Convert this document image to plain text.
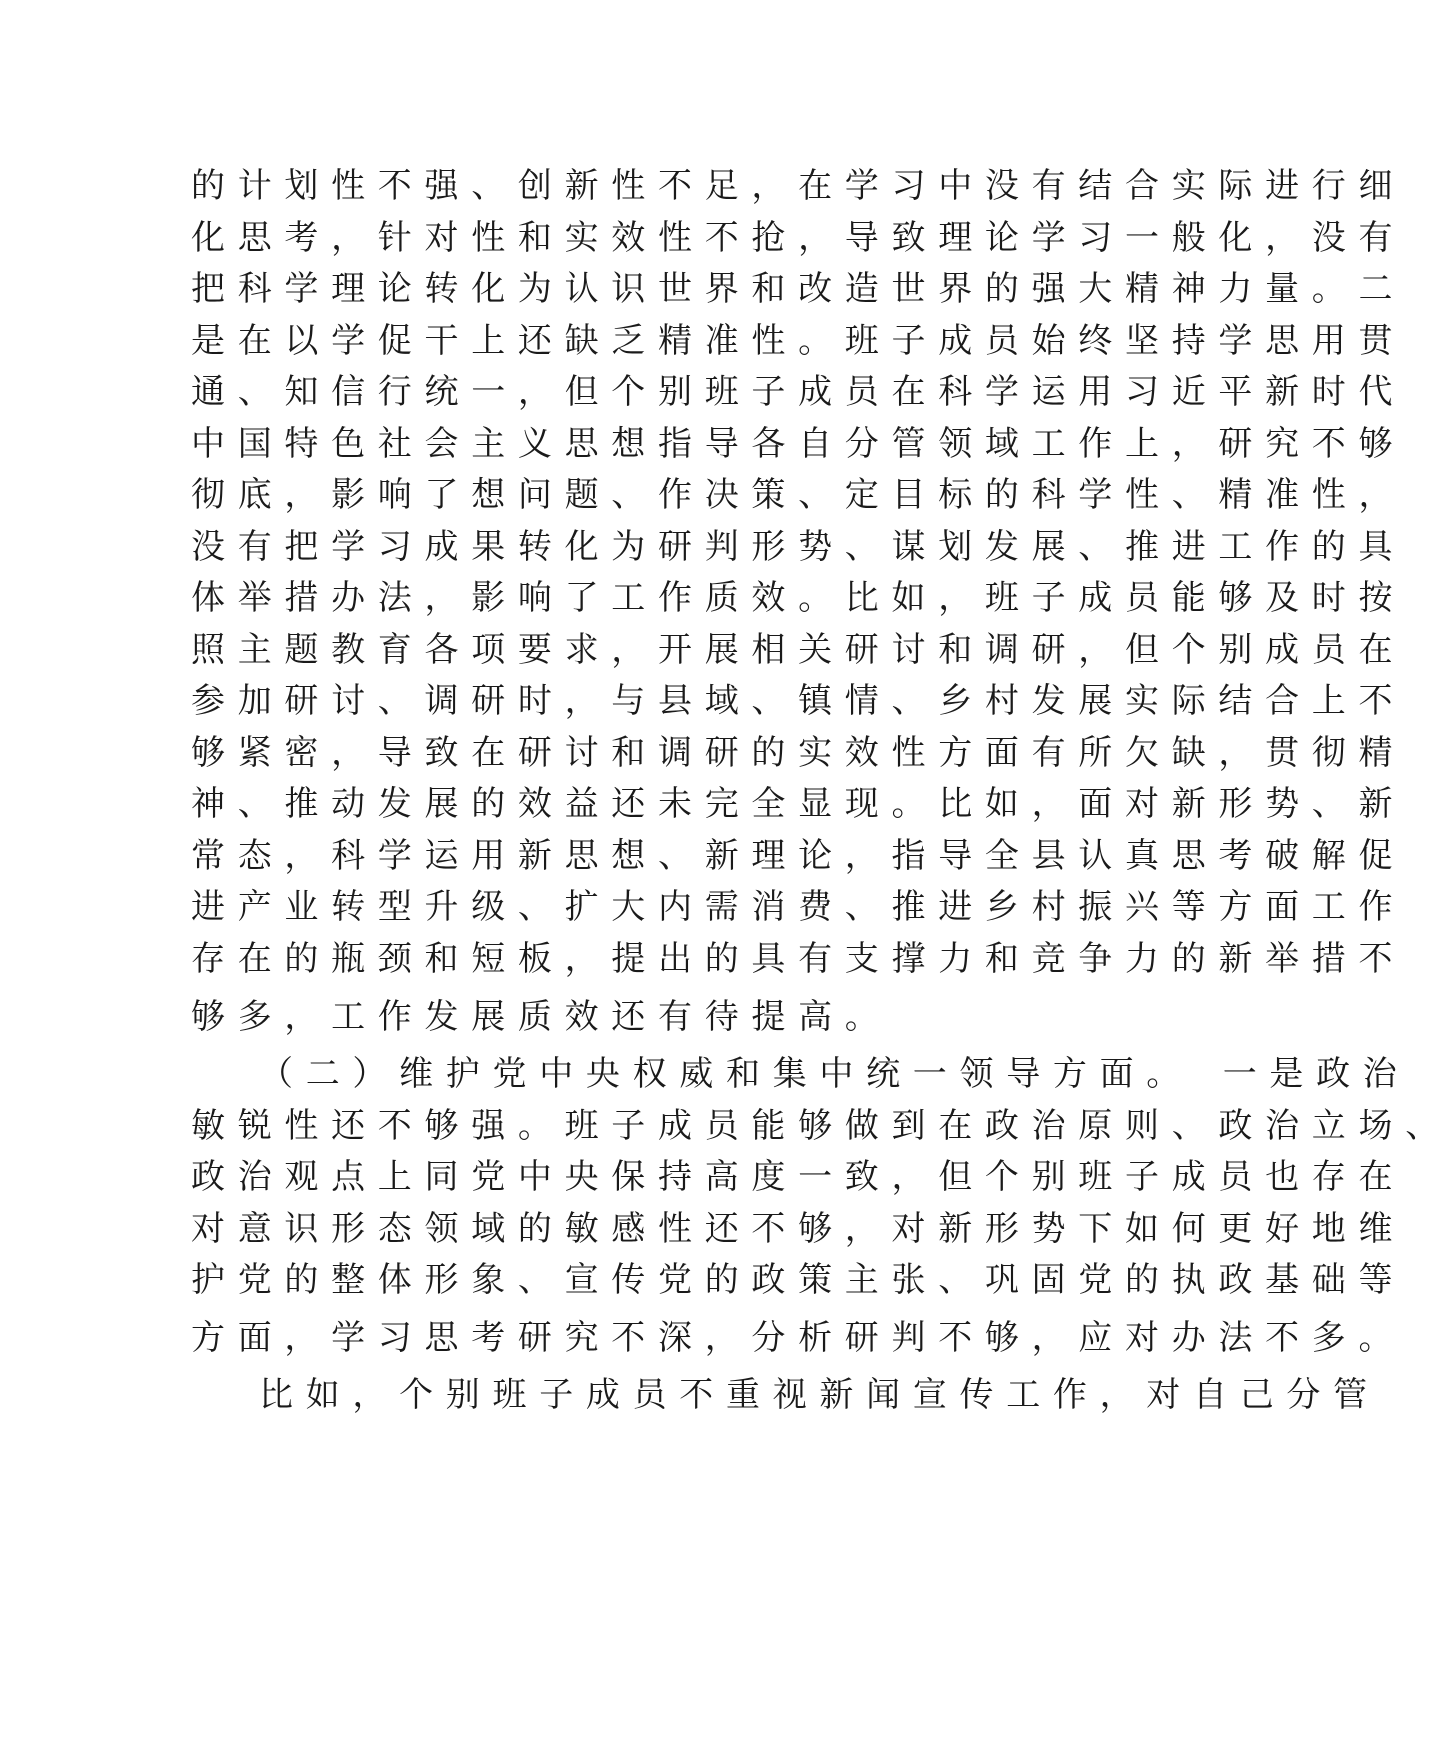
的计划性不强、创新性不足，在学习中没有结合实际进行细
化思考，针对性和实效性不抢，导致理论学习一般化，没有
把科学理论转化为认识世界和改造世界的强大精神力量。二
是在以学促干上还缺乏精准性。班子成员始终坚持学思用贯
通、知信行统一，但个别班子成员在科学运用习近平新时代
中国特色社会主义思想指导各自分管领域工作上，研究不够
彻底，影响了想问题、作决策、定目标的科学性、精准性，
没有把学习成果转化为研判形势、谋划发展、推进工作的具
体举措办法，影响了工作质效。比如，班子成员能够及时按
照主题教育各项要求，开展相关研讨和调研，但个别成员在
参加研讨、调研时，与县域、镇情、乡村发展实际结合上不
够紧密，导致在研讨和调研的实效性方面有所欠缺，贯彻精
神、推动发展的效益还未完全显现。比如，面对新形势、新
常态，科学运用新思想、新理论，指导全县认真思考破解促
进产业转型升级、扩大内需消费、推进乡村振兴等方面工作
存在的瓶颈和短板，提出的具有支撑力和竞争力的新举措不
够多，工作发展质效还有待提高。
（二）维护党中央权威和集中统一领导方面。　一是政治
敏锐性还不够强。班子成员能够做到在政治原则、政治立场、
政治观点上同党中央保持高度一致，但个别班子成员也存在
对意识形态领域的敏感性还不够，对新形势下如何更好地维
护党的整体形象、宣传党的政策主张、巩固党的执政基础等
方面，学习思考研究不深，分析研判不够，应对办法不多。
比如，个别班子成员不重视新闻宣传工作，对自己分管
